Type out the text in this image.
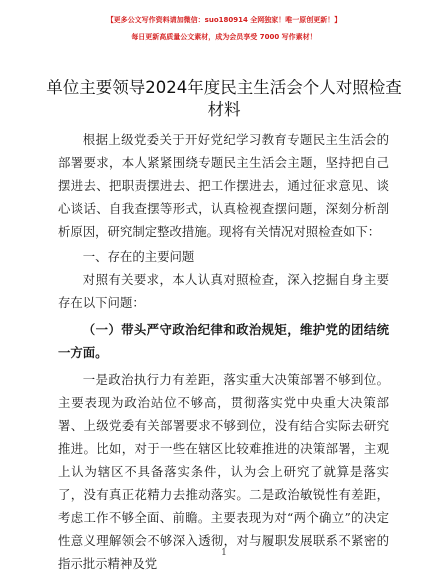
【更多公文写作资料请加微信：suo180914 全网独家！唯一原创更新！】
每日更新高质量公文素材，成为会员享受 7000 写作素材！
单位主要领导2024年度民主生活会个人对照检查材料

根据上级党委关于开好党纪学习教育专题民主生活会的部署要求，本人紧紧围绕专题民主生活会主题，坚持把自己摆进去、把职责摆进去、把工作摆进去，通过征求意见、谈心谈话、自我查摆等形式，认真检视查摆问题，深刻分析剖析原因，研究制定整改措施。现将有关情况对照检查如下：

一、存在的主要问题

对照有关要求，本人认真对照检查，深入挖掘自身主要存在以下问题：

（一）带头严守政治纪律和政治规矩，维护党的团结统一方面。

一是政治执行力有差距，落实重大决策部署不够到位。主要表现为政治站位不够高，贯彻落实党中央重大决策部署、上级党委有关部署要求不够到位，没有结合实际去研究推进。比如，对于一些在辖区比较难推进的决策部署，主观上认为辖区不具备落实条件，认为会上研究了就算是落实了，没有真正花精力去推动落实。二是政治敏锐性有差距，考虑工作不够全面、前瞻。主要表现为对“两个确立”的决定性意义理解领会不够深入透彻，对与履职发展联系不紧密的指示批示精神及党

1
